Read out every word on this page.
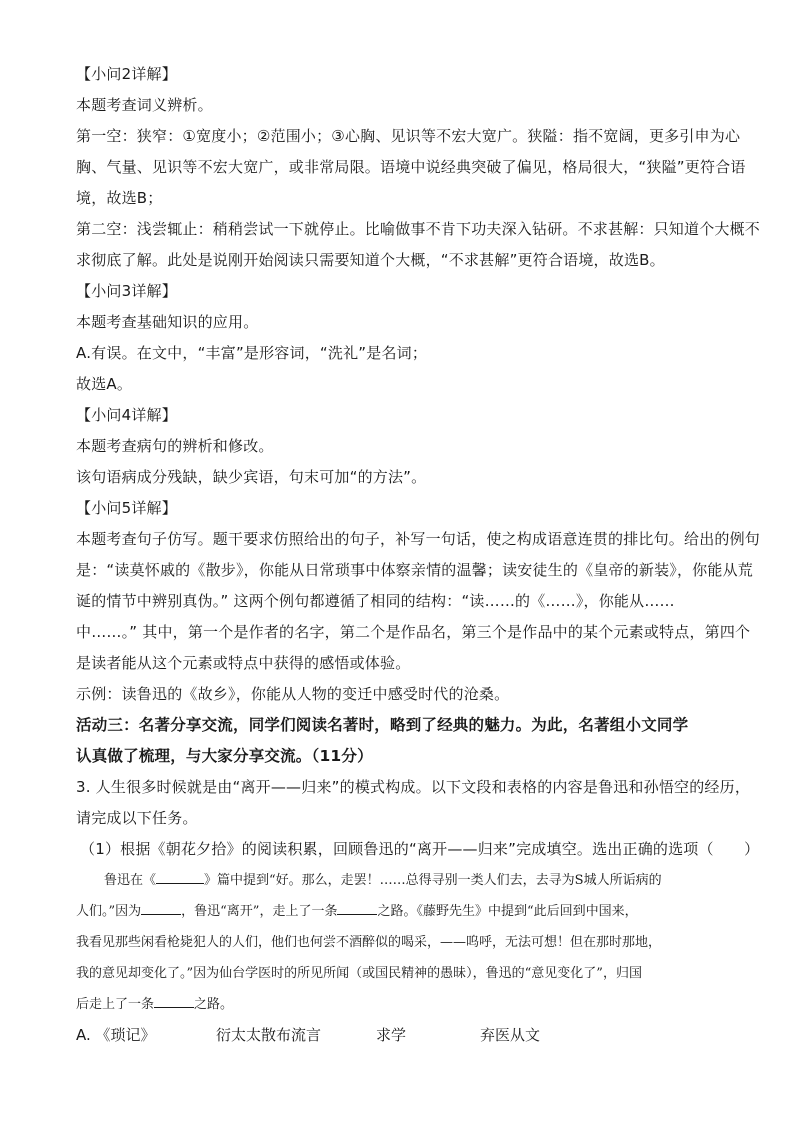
【小问2详解】
本题考查词义辨析。
第一空：狭窄：①宽度小；②范围小；③心胸、见识等不宏大宽广。狭隘：指不宽阔，更多引申为心
胸、气量、见识等不宏大宽广，或非常局限。语境中说经典突破了偏见，格局很大，“狭隘”更符合语
境，故选B；
第二空：浅尝辄止：稍稍尝试一下就停止。比喻做事不肯下功夫深入钻研。不求甚解：只知道个大概不
求彻底了解。此处是说刚开始阅读只需要知道个大概，“不求甚解”更符合语境，故选B。
【小问3详解】
本题考查基础知识的应用。
A.有误。在文中，“丰富”是形容词，“洗礼”是名词；
故选A。
【小问4详解】
本题考查病句的辨析和修改。
该句语病成分残缺，缺少宾语，句末可加“的方法”。
【小问5详解】
本题考查句子仿写。题干要求仿照给出的句子，补写一句话，使之构成语意连贯的排比句。给出的例句
是：“读莫怀戚的《散步》，你能从日常琐事中体察亲情的温馨；读安徒生的《皇帝的新装》，你能从荒
诞的情节中辨别真伪。” 这两个例句都遵循了相同的结构：“读……的《……》，你能从……
中……。” 其中，第一个是作者的名字，第二个是作品名，第三个是作品中的某个元素或特点，第四个
是读者能从这个元素或特点中获得的感悟或体验。
示例：读鲁迅的《故乡》，你能从人物的变迁中感受时代的沧桑。
活动三：名著分享交流，同学们阅读名著时，略到了经典的魅力。为此，名著组小文同学
认真做了梳理，与大家分享交流。（11分）
3. 人生很多时候就是由“离开——归来”的模式构成。以下文段和表格的内容是鲁迅和孙悟空的经历，
请完成以下任务。
（1）根据《朝花夕拾》的阅读积累，回顾鲁迅的“离开——归来”完成填空。选出正确的选项（　　）
鲁迅在《	》篇中提到“好。那么，走罢！……总得寻别一类人们去，去寻为S城人所诟病的
人们。”因为	，鲁迅“离开”，走上了一条	之路。《藤野先生》中提到“此后回到中国来，
我看见那些闲看枪毙犯人的人们，他们也何尝不酒醉似的喝采，——呜呼，无法可想！但在那时那地，
我的意见却变化了。”因为仙台学医时的所见所闻（或国民精神的愚昧），鲁迅的“意见变化了”，归国
后走上了一条	之路。
A. 《琐记》	衍太太散布流言	求学	弃医从文
